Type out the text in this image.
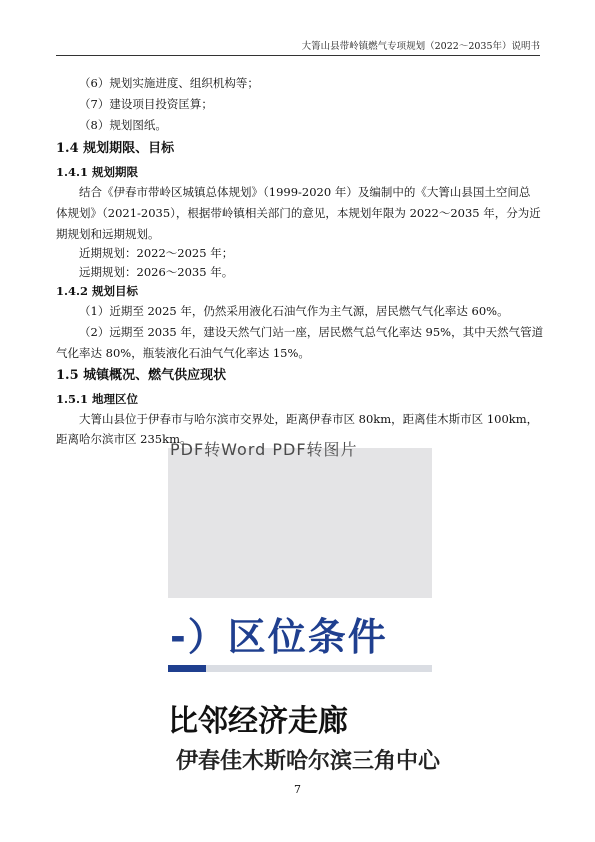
大箐山县带岭镇燃气专项规划（2022～2035年）说明书
（6）规划实施进度、组织机构等；
（7）建设项目投资匡算；
（8）规划图纸。
1.4 规划期限、目标
1.4.1 规划期限
结合《伊春市带岭区城镇总体规划》（1999-2020 年）及编制中的《大箐山县国土空间总
体规划》（2021-2035），根据带岭镇相关部门的意见，本规划年限为 2022～2035 年，分为近
期规划和远期规划。
近期规划：2022～2025 年；
远期规划：2026～2035 年。
1.4.2 规划目标
（1）近期至 2025 年，仍然采用液化石油气作为主气源，居民燃气气化率达 60%。
（2）远期至 2035 年，建设天然气门站一座，居民燃气总气化率达 95%，其中天然气管道
气化率达 80%，瓶装液化石油气气化率达 15%。
1.5 城镇概况、燃气供应现状
1.5.1 地理区位
大箐山县位于伊春市与哈尔滨市交界处，距离伊春市区 80km，距离佳木斯市区 100km，
距离哈尔滨市区 235km。
PDF转Word PDF转图片
-）区位条件
比邻经济走廊
伊春佳木斯哈尔滨三角中心
7
